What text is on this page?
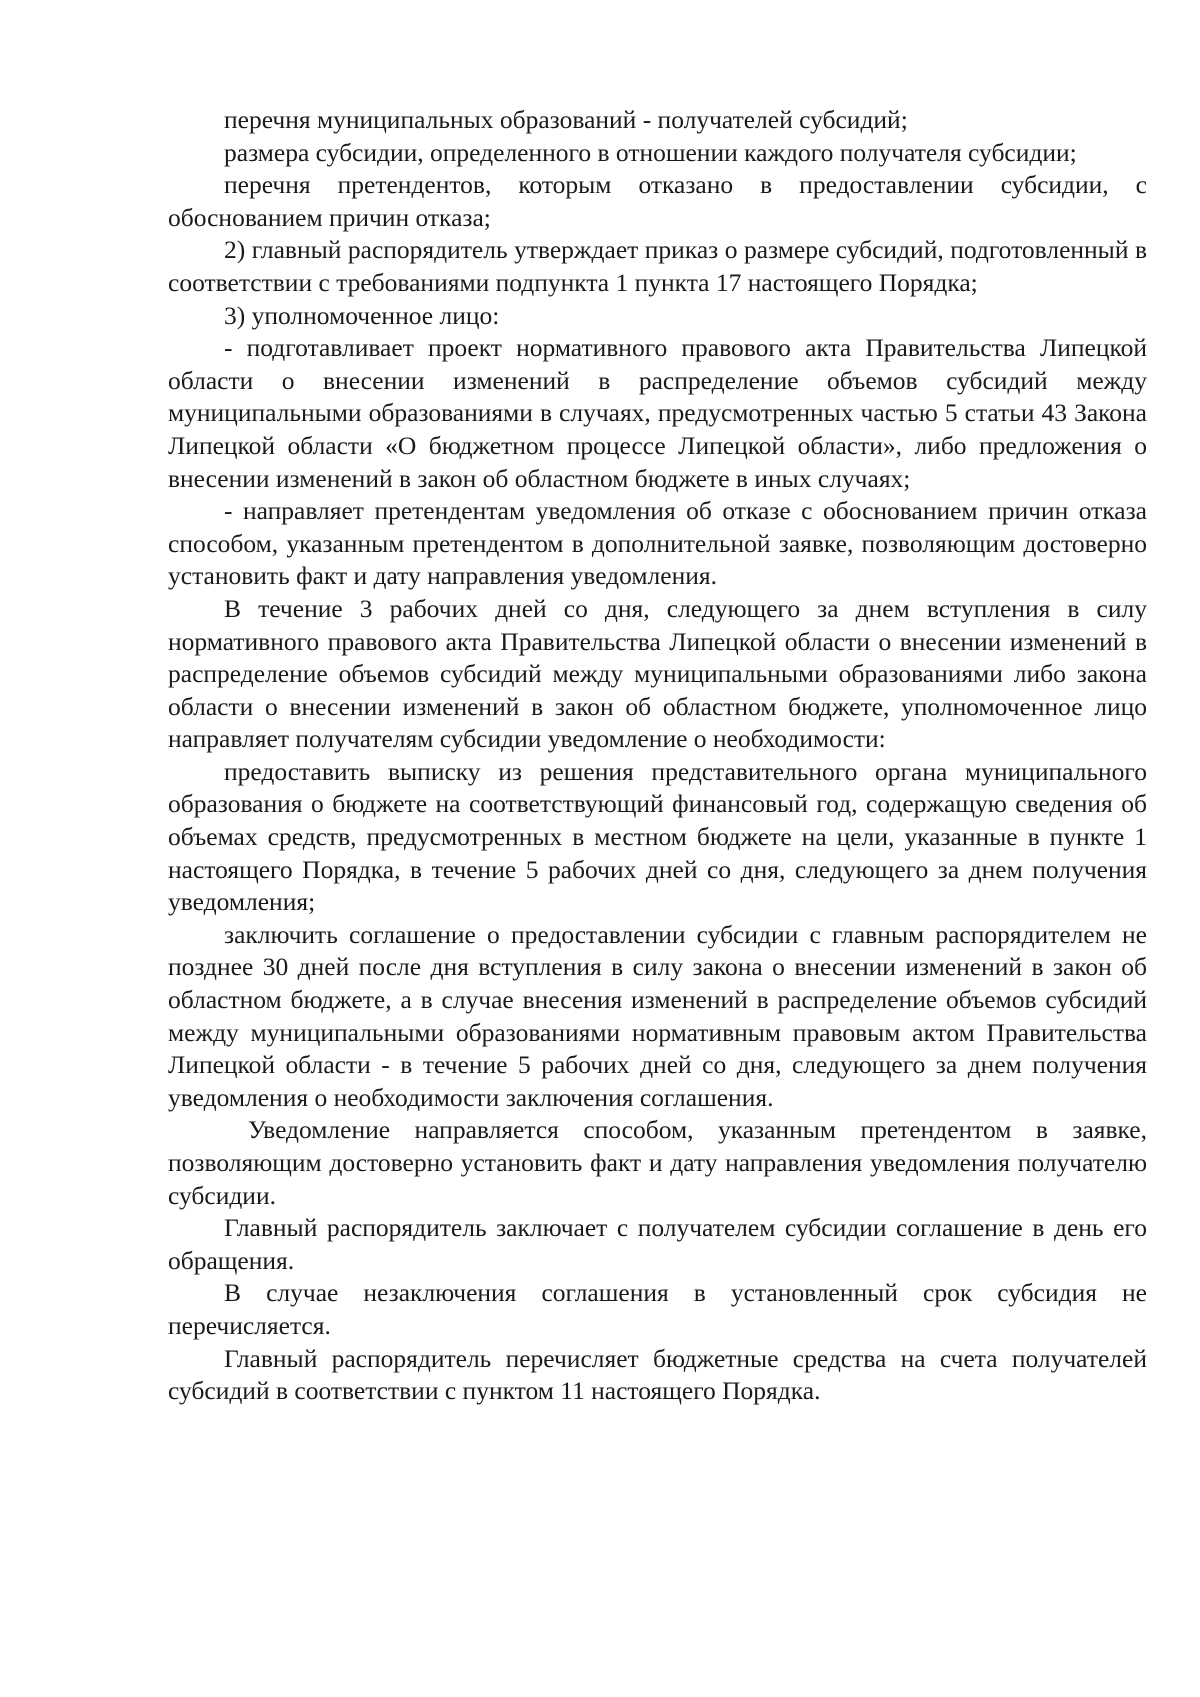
перечня муниципальных образований - получателей субсидий;

размера субсидии, определенного в отношении каждого получателя субсидии;

перечня претендентов, которым отказано в предоставлении субсидии, с обоснованием причин отказа;

2) главный распорядитель утверждает приказ о размере субсидий, подготовленный в соответствии с требованиями подпункта 1 пункта 17 настоящего Порядка;

3) уполномоченное лицо:

- подготавливает проект нормативного правового акта Правительства Липецкой области о внесении изменений в распределение объемов субсидий между муниципальными образованиями в случаях, предусмотренных частью 5 статьи 43 Закона Липецкой области «О бюджетном процессе Липецкой области», либо предложения о внесении изменений в закон об областном бюджете в иных случаях;

- направляет претендентам уведомления об отказе с обоснованием причин отказа способом, указанным претендентом в дополнительной заявке, позволяющим достоверно установить факт и дату направления уведомления.

В течение 3 рабочих дней со дня, следующего за днем вступления в силу нормативного правового акта Правительства Липецкой области о внесении изменений в распределение объемов субсидий между муниципальными образованиями либо закона области о внесении изменений в закон об областном бюджете, уполномоченное лицо направляет получателям субсидии уведомление о необходимости:

предоставить выписку из решения представительного органа муниципального образования о бюджете на соответствующий финансовый год, содержащую сведения об объемах средств, предусмотренных в местном бюджете на цели, указанные в пункте 1 настоящего Порядка, в течение 5 рабочих дней со дня, следующего за днем получения уведомления;

заключить соглашение о предоставлении субсидии с главным распорядителем не позднее 30 дней после дня вступления в силу закона о внесении изменений в закон об областном бюджете, а в случае внесения изменений в распределение объемов субсидий между муниципальными образованиями нормативным правовым актом Правительства Липецкой области - в течение 5 рабочих дней со дня, следующего за днем получения уведомления о необходимости заключения соглашения.

Уведомление направляется способом, указанным претендентом в заявке, позволяющим достоверно установить факт и дату направления уведомления получателю субсидии.

Главный распорядитель заключает с получателем субсидии соглашение в день его обращения.

В случае незаключения соглашения в установленный срок субсидия не перечисляется.

Главный распорядитель перечисляет бюджетные средства на счета получателей субсидий в соответствии с пунктом 11 настоящего Порядка.
